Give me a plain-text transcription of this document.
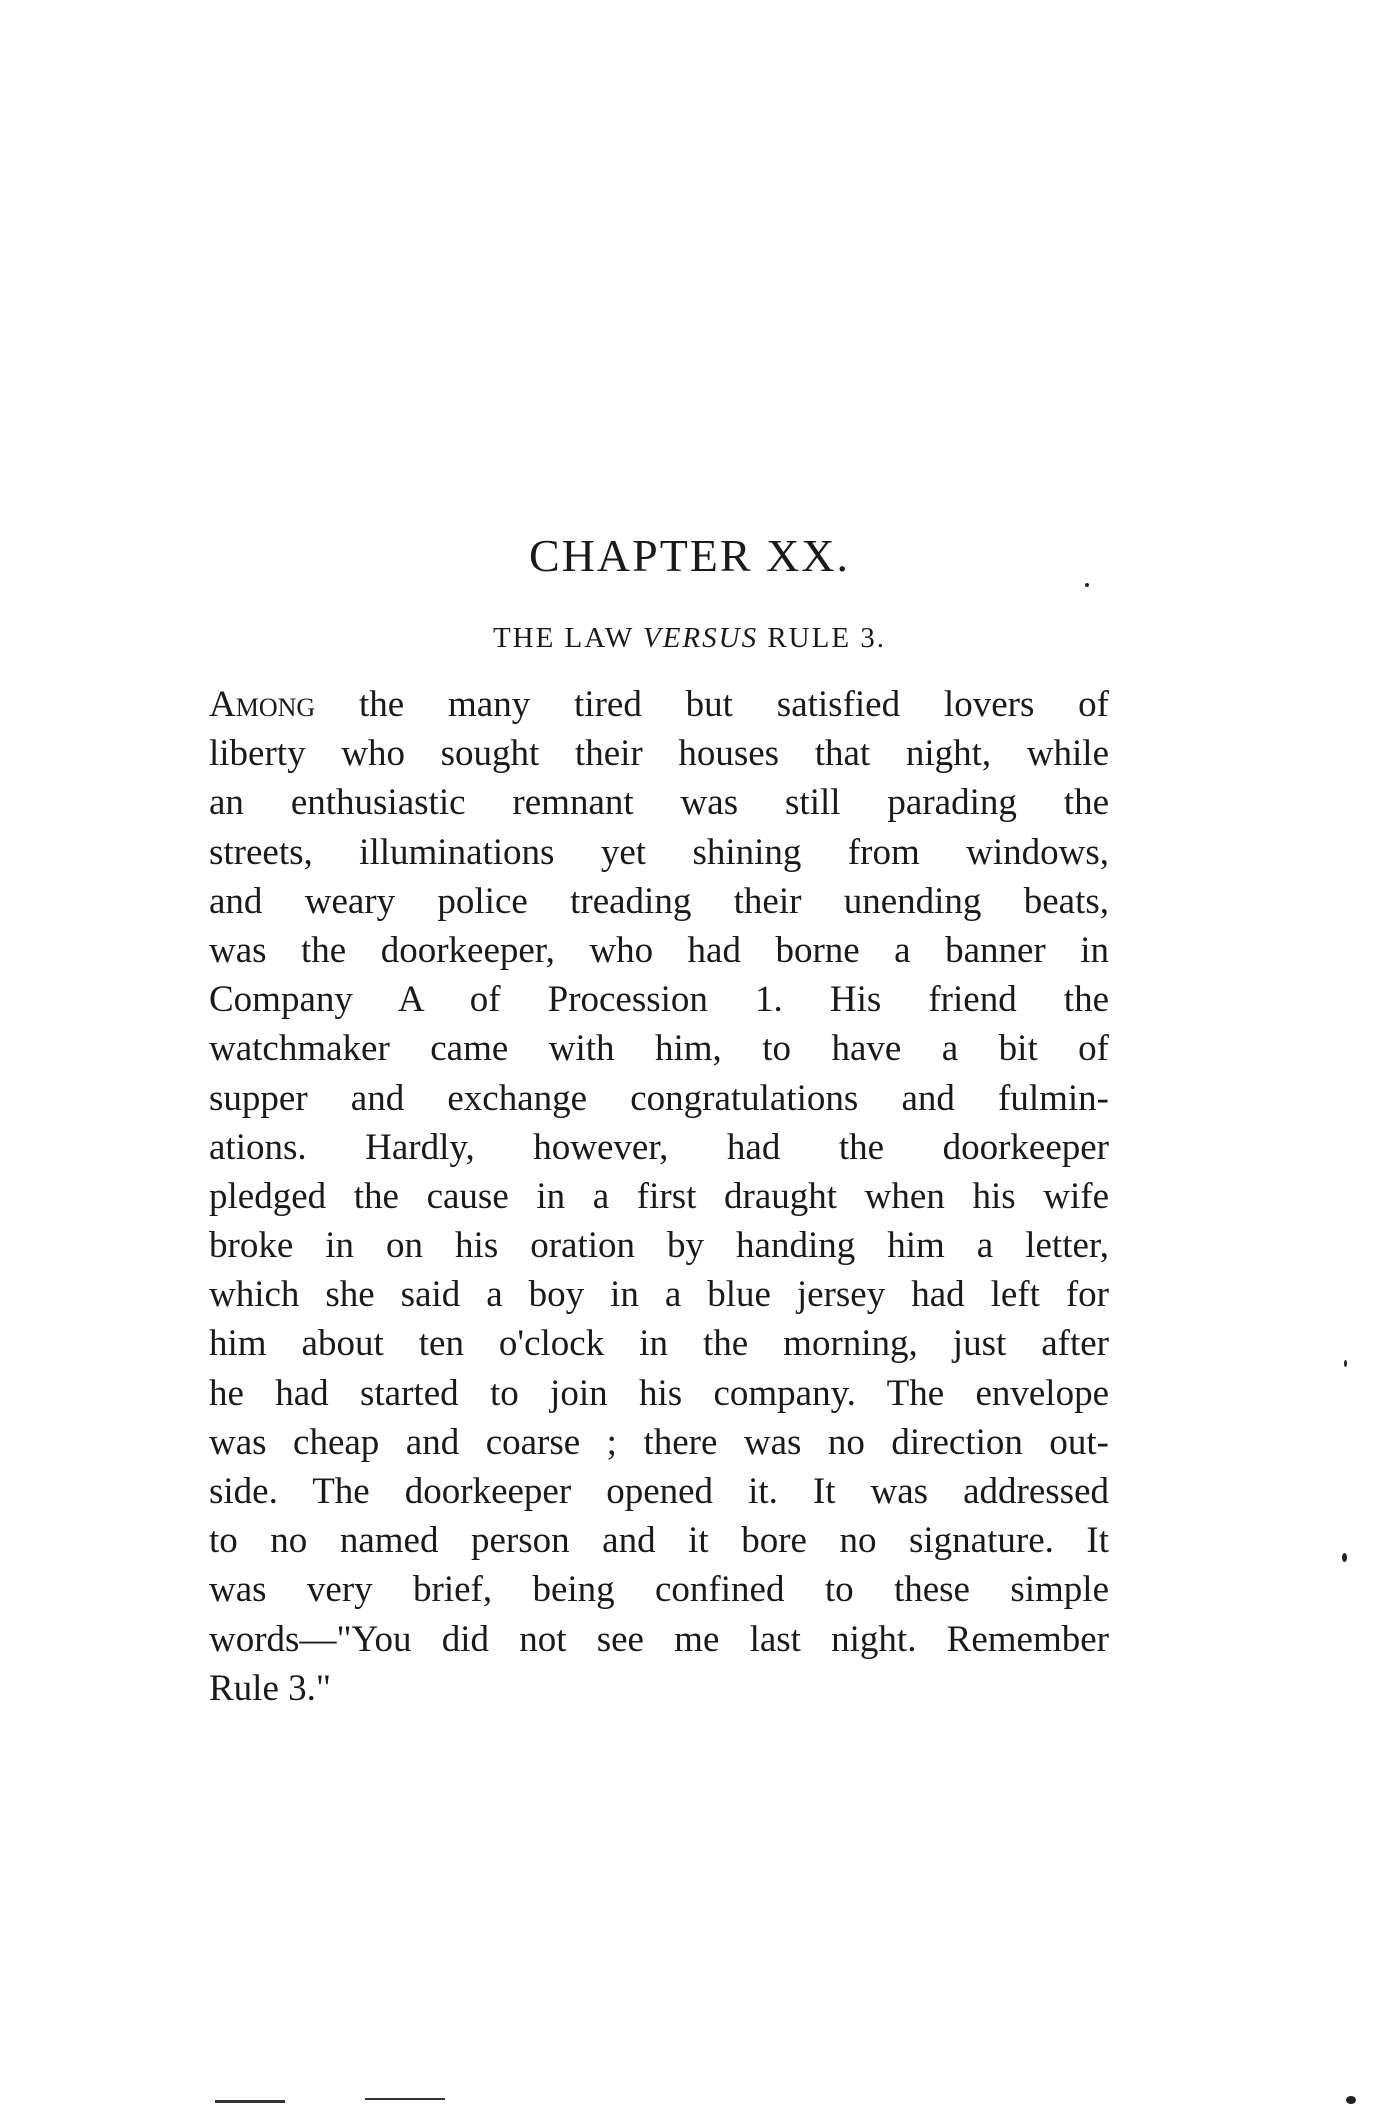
CHAPTER XX.
THE LAW VERSUS RULE 3.
Among the many tired but satisfied lovers of
liberty who sought their houses that night, while
an enthusiastic remnant was still parading the
streets, illuminations yet shining from windows,
and weary police treading their unending beats,
was the doorkeeper, who had borne a banner in
Company A of Procession 1. His friend the
watchmaker came with him, to have a bit of
supper and exchange congratulations and fulmin-
ations. Hardly, however, had the doorkeeper
pledged the cause in a first draught when his wife
broke in on his oration by handing him a letter,
which she said a boy in a blue jersey had left for
him about ten o'clock in the morning, just after
he had started to join his company. The envelope
was cheap and coarse ; there was no direction out-
side. The doorkeeper opened it. It was addressed
to no named person and it bore no signature. It
was very brief, being confined to these simple
words—"You did not see me last night. Remember
Rule 3."
